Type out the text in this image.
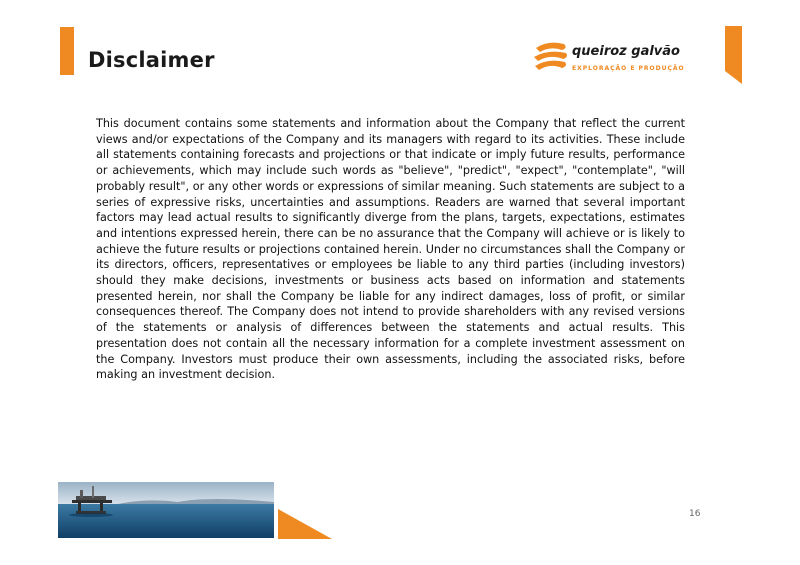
Disclaimer	queiroz galvão
EXPLORAÇÃO E PRODUÇÃO

This document contains some statements and information about the Company that reflect the current views and/or expectations of the Company and its managers with regard to its activities. These include all statements containing forecasts and projections or that indicate or imply future results, performance or achievements, which may include such words as "believe", "predict", "expect", "contemplate", "will probably result", or any other words or expressions of similar meaning. Such statements are subject to a series of expressive risks, uncertainties and assumptions. Readers are warned that several important factors may lead actual results to significantly diverge from the plans, targets, expectations, estimates and intentions expressed herein, there can be no assurance that the Company will achieve or is likely to achieve the future results or projections contained herein. Under no circumstances shall the Company or its directors, officers, representatives or employees be liable to any third parties (including investors) should they make decisions, investments or business acts based on information and statements presented herein, nor shall the Company be liable for any indirect damages, loss of profit, or similar consequences thereof. The Company does not intend to provide shareholders with any revised versions of the statements or analysis of differences between the statements and actual results. This presentation does not contain all the necessary information for a complete investment assessment on the Company. Investors must produce their own assessments, including the associated risks, before making an investment decision.

16
